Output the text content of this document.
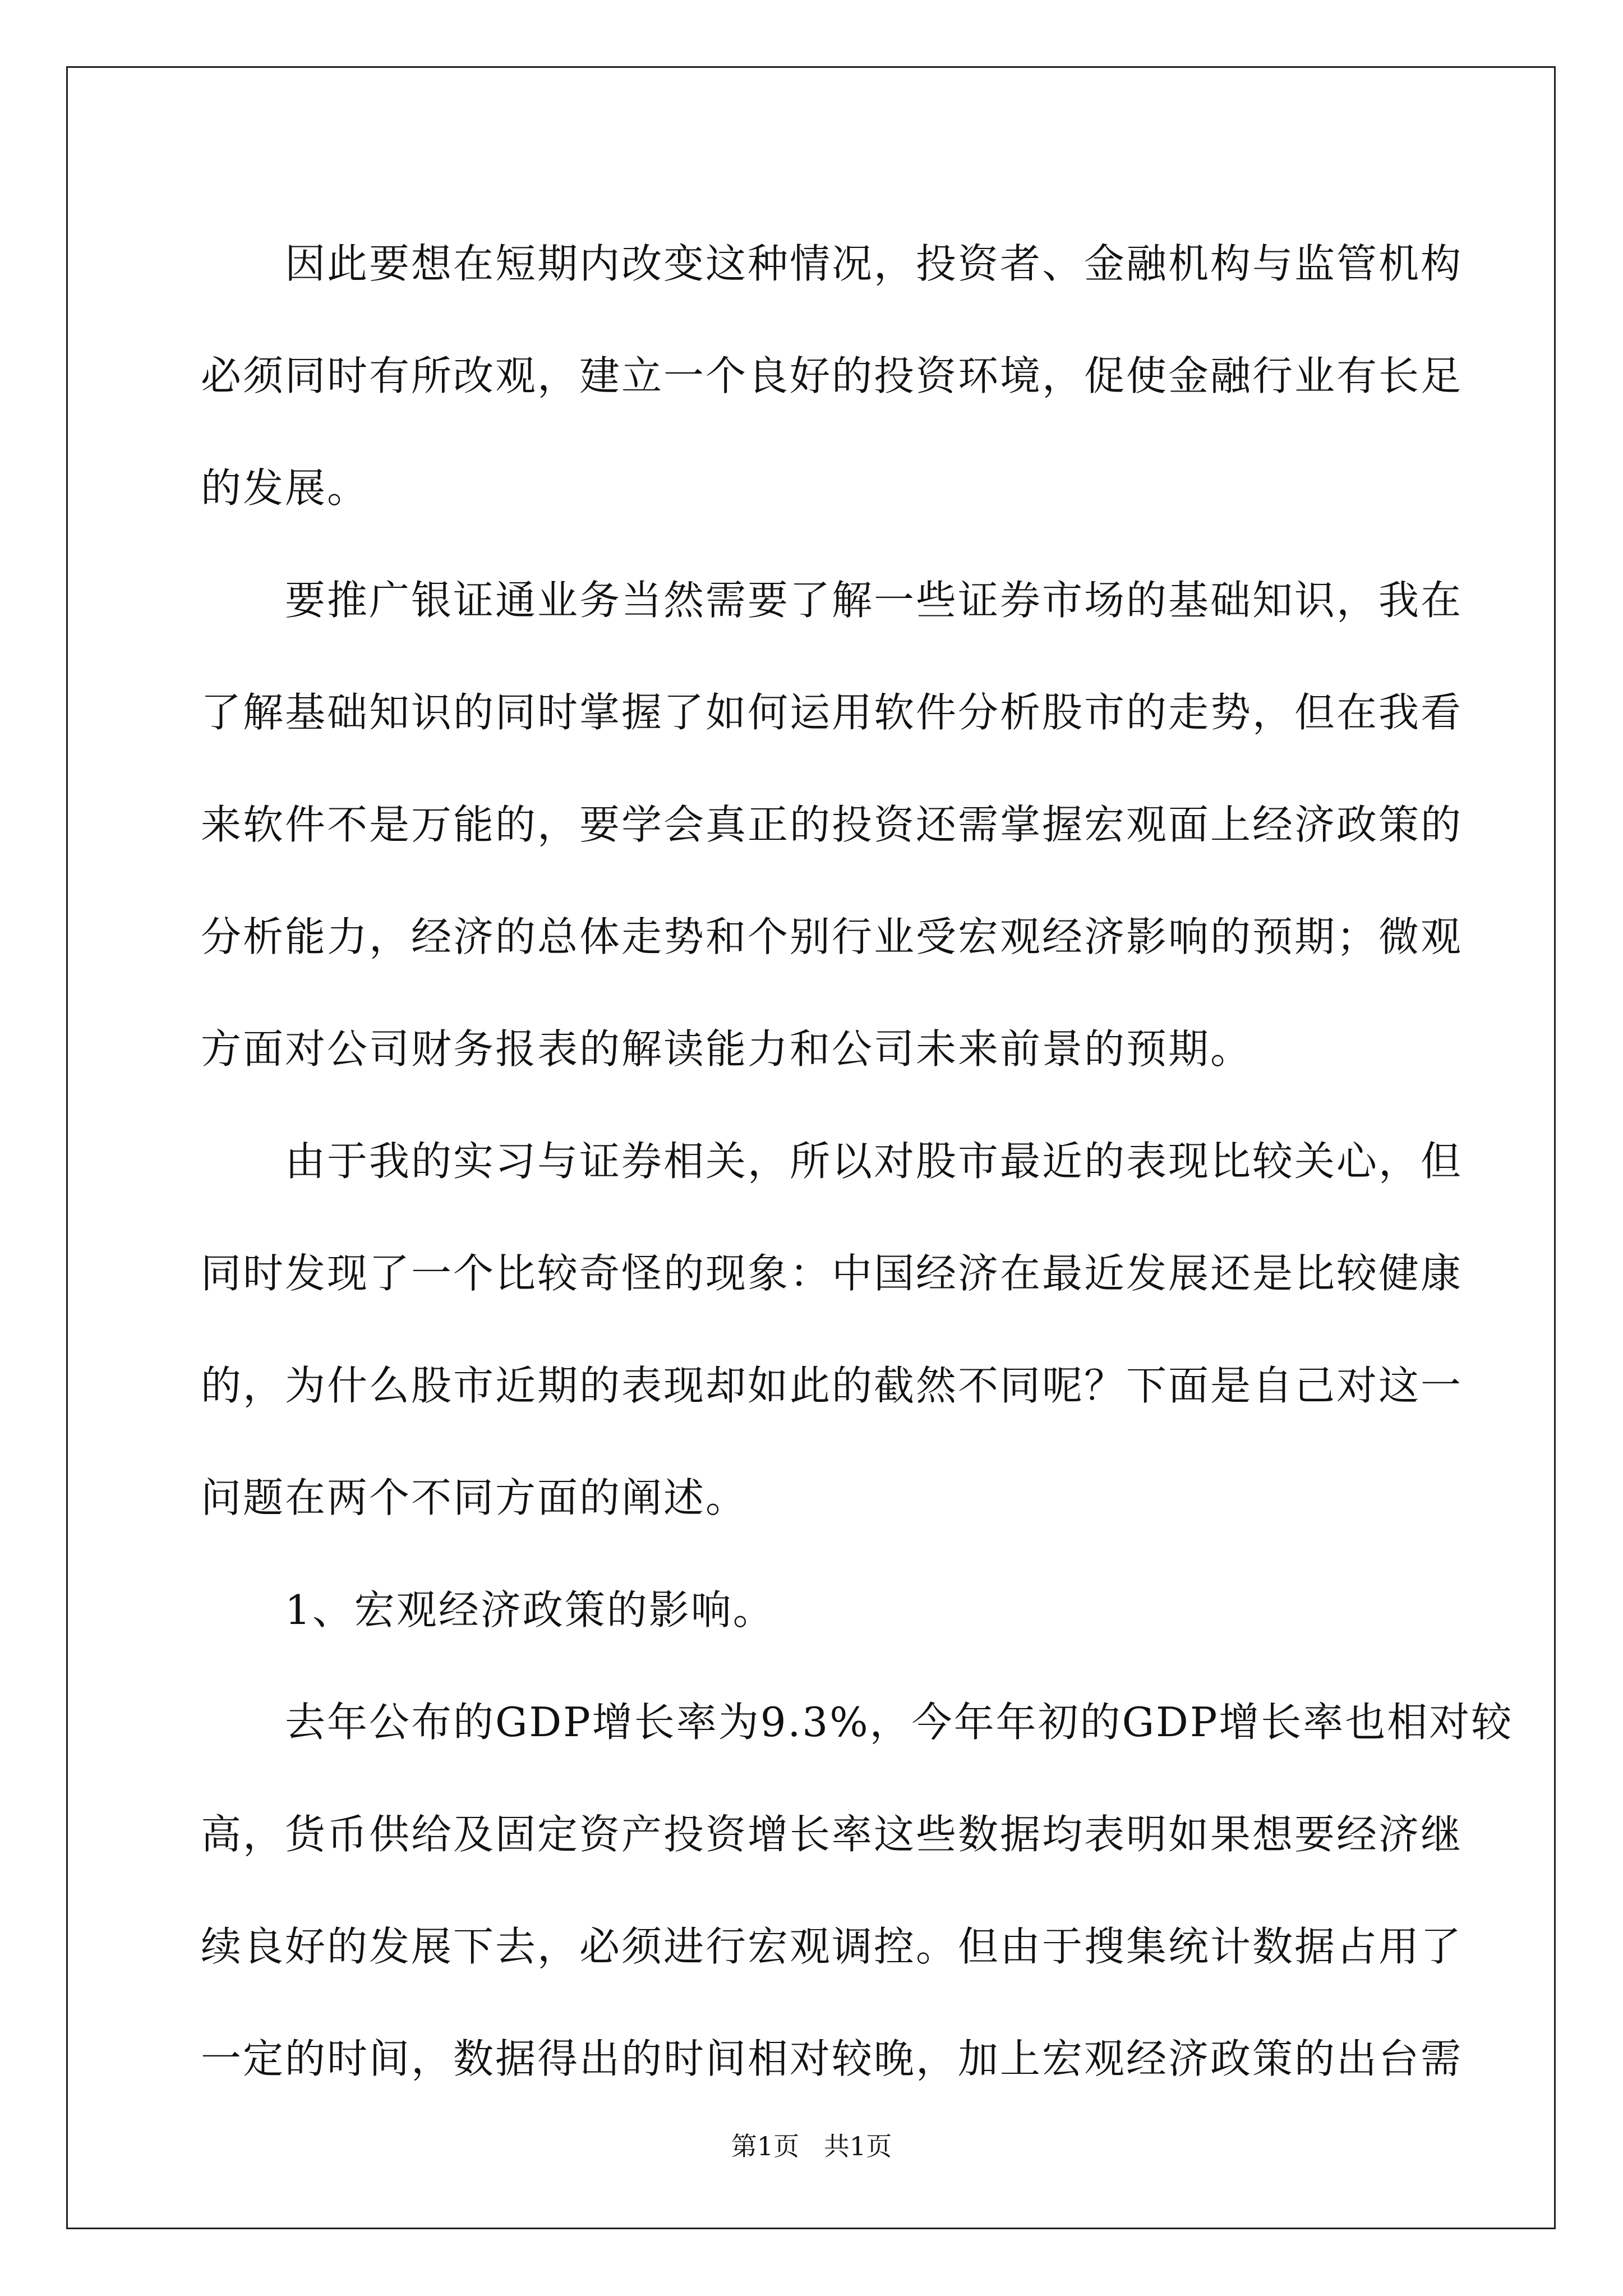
因此要想在短期内改变这种情况，投资者、金融机构与监管机构
必须同时有所改观，建立一个良好的投资环境，促使金融行业有长足
的发展。
要推广银证通业务当然需要了解一些证券市场的基础知识，我在
了解基础知识的同时掌握了如何运用软件分析股市的走势，但在我看
来软件不是万能的，要学会真正的投资还需掌握宏观面上经济政策的
分析能力，经济的总体走势和个别行业受宏观经济影响的预期；微观
方面对公司财务报表的解读能力和公司未来前景的预期。
由于我的实习与证券相关，所以对股市最近的表现比较关心，但
同时发现了一个比较奇怪的现象：中国经济在最近发展还是比较健康
的，为什么股市近期的表现却如此的截然不同呢？下面是自己对这一
问题在两个不同方面的阐述。
1、宏观经济政策的影响。
去年公布的GDP增长率为9.3%，今年年初的GDP增长率也相对较
高，货币供给及固定资产投资增长率这些数据均表明如果想要经济继
续良好的发展下去，必须进行宏观调控。但由于搜集统计数据占用了
一定的时间，数据得出的时间相对较晚，加上宏观经济政策的出台需
第1页   共1页
